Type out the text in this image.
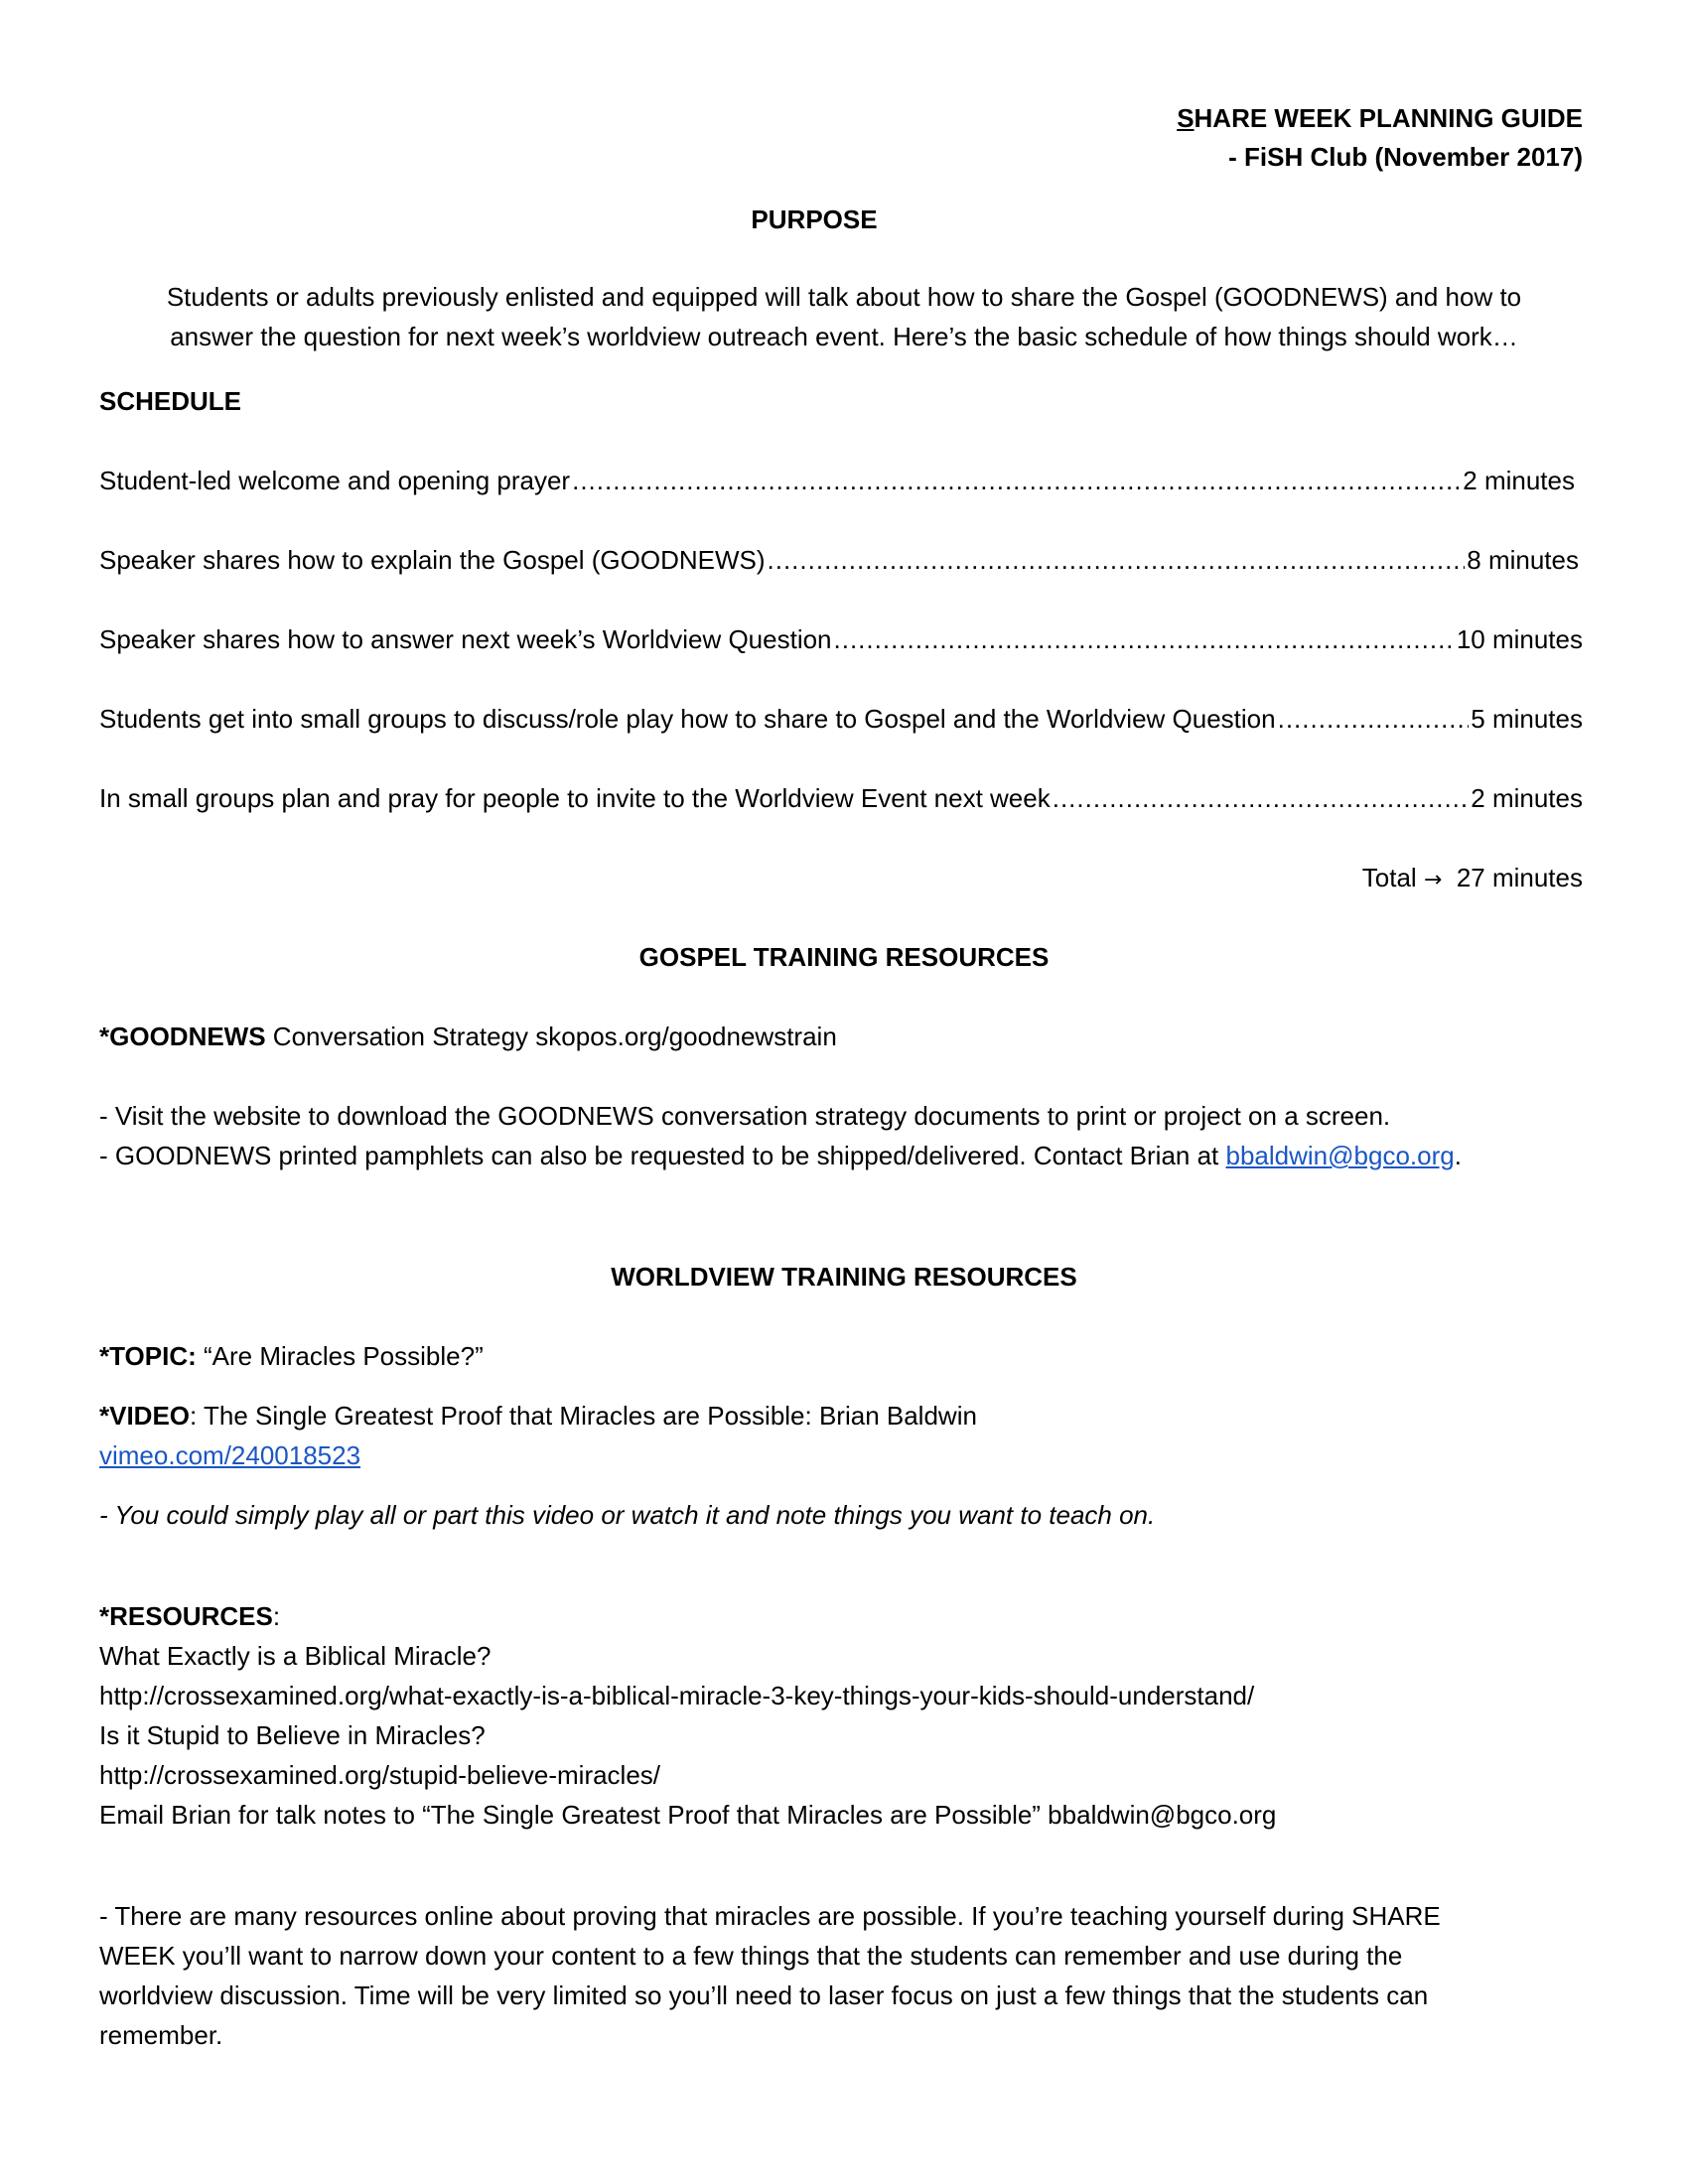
SHARE WEEK PLANNING GUIDE
- FiSH Club (November 2017)
PURPOSE
Students or adults previously enlisted and equipped will talk about how to share the Gospel (GOODNEWS) and how to
answer the question for next week’s worldview outreach event. Here’s the basic schedule of how things should work…
SCHEDULE
Student-led welcome and opening prayer .....	2 minutes
Speaker shares how to explain the Gospel (GOODNEWS) .....	8 minutes
Speaker shares how to answer next week’s Worldview Question .....	10 minutes
Students get into small groups to discuss/role play how to share to Gospel and the Worldview Question .....	5 minutes
In small groups plan and pray for people to invite to the Worldview Event next week .....	2 minutes
Total → 27 minutes
GOSPEL TRAINING RESOURCES
*GOODNEWS Conversation Strategy skopos.org/goodnewstrain
- Visit the website to download the GOODNEWS conversation strategy documents to print or project on a screen.
- GOODNEWS printed pamphlets can also be requested to be shipped/delivered. Contact Brian at bbaldwin@bgco.org.
WORLDVIEW TRAINING RESOURCES
*TOPIC: “Are Miracles Possible?”
*VIDEO: The Single Greatest Proof that Miracles are Possible: Brian Baldwin
vimeo.com/240018523
- You could simply play all or part this video or watch it and note things you want to teach on.
*RESOURCES:
What Exactly is a Biblical Miracle?
http://crossexamined.org/what-exactly-is-a-biblical-miracle-3-key-things-your-kids-should-understand/
Is it Stupid to Believe in Miracles?
http://crossexamined.org/stupid-believe-miracles/
Email Brian for talk notes to “The Single Greatest Proof that Miracles are Possible” bbaldwin@bgco.org
- There are many resources online about proving that miracles are possible. If you’re teaching yourself during SHARE
WEEK you’ll want to narrow down your content to a few things that the students can remember and use during the
worldview discussion. Time will be very limited so you’ll need to laser focus on just a few things that the students can
remember.
